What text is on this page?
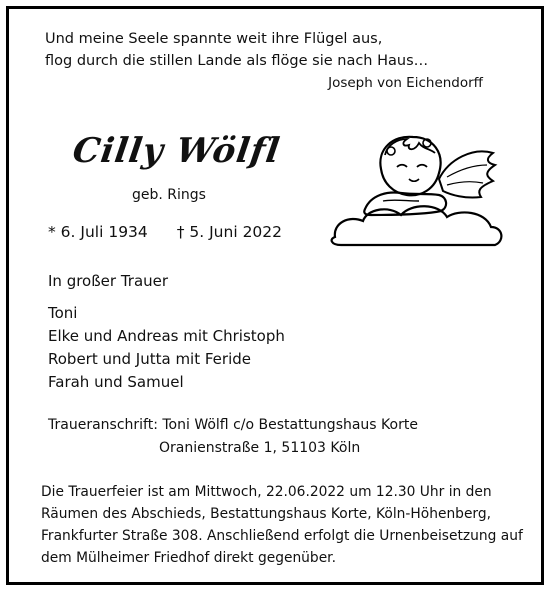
Und meine Seele spannte weit ihre Flügel aus,
flog durch die stillen Lande als flöge sie nach Haus…
Joseph von Eichendorff
Cilly Wölfl
geb. Rings
* 6. Juli 1934 † 5. Juni 2022
In großer Trauer
Toni
Elke und Andreas mit Christoph
Robert und Jutta mit Feride
Farah und Samuel
Traueranschrift: Toni Wölfl c/o Bestattungshaus Korte
Oranienstraße 1, 51103 Köln
Die Trauerfeier ist am Mittwoch, 22.06.2022 um 12.30 Uhr in den
Räumen des Abschieds, Bestattungshaus Korte, Köln-Höhenberg,
Frankfurter Straße 308. Anschließend erfolgt die Urnenbeisetzung auf
dem Mülheimer Friedhof direkt gegenüber.
